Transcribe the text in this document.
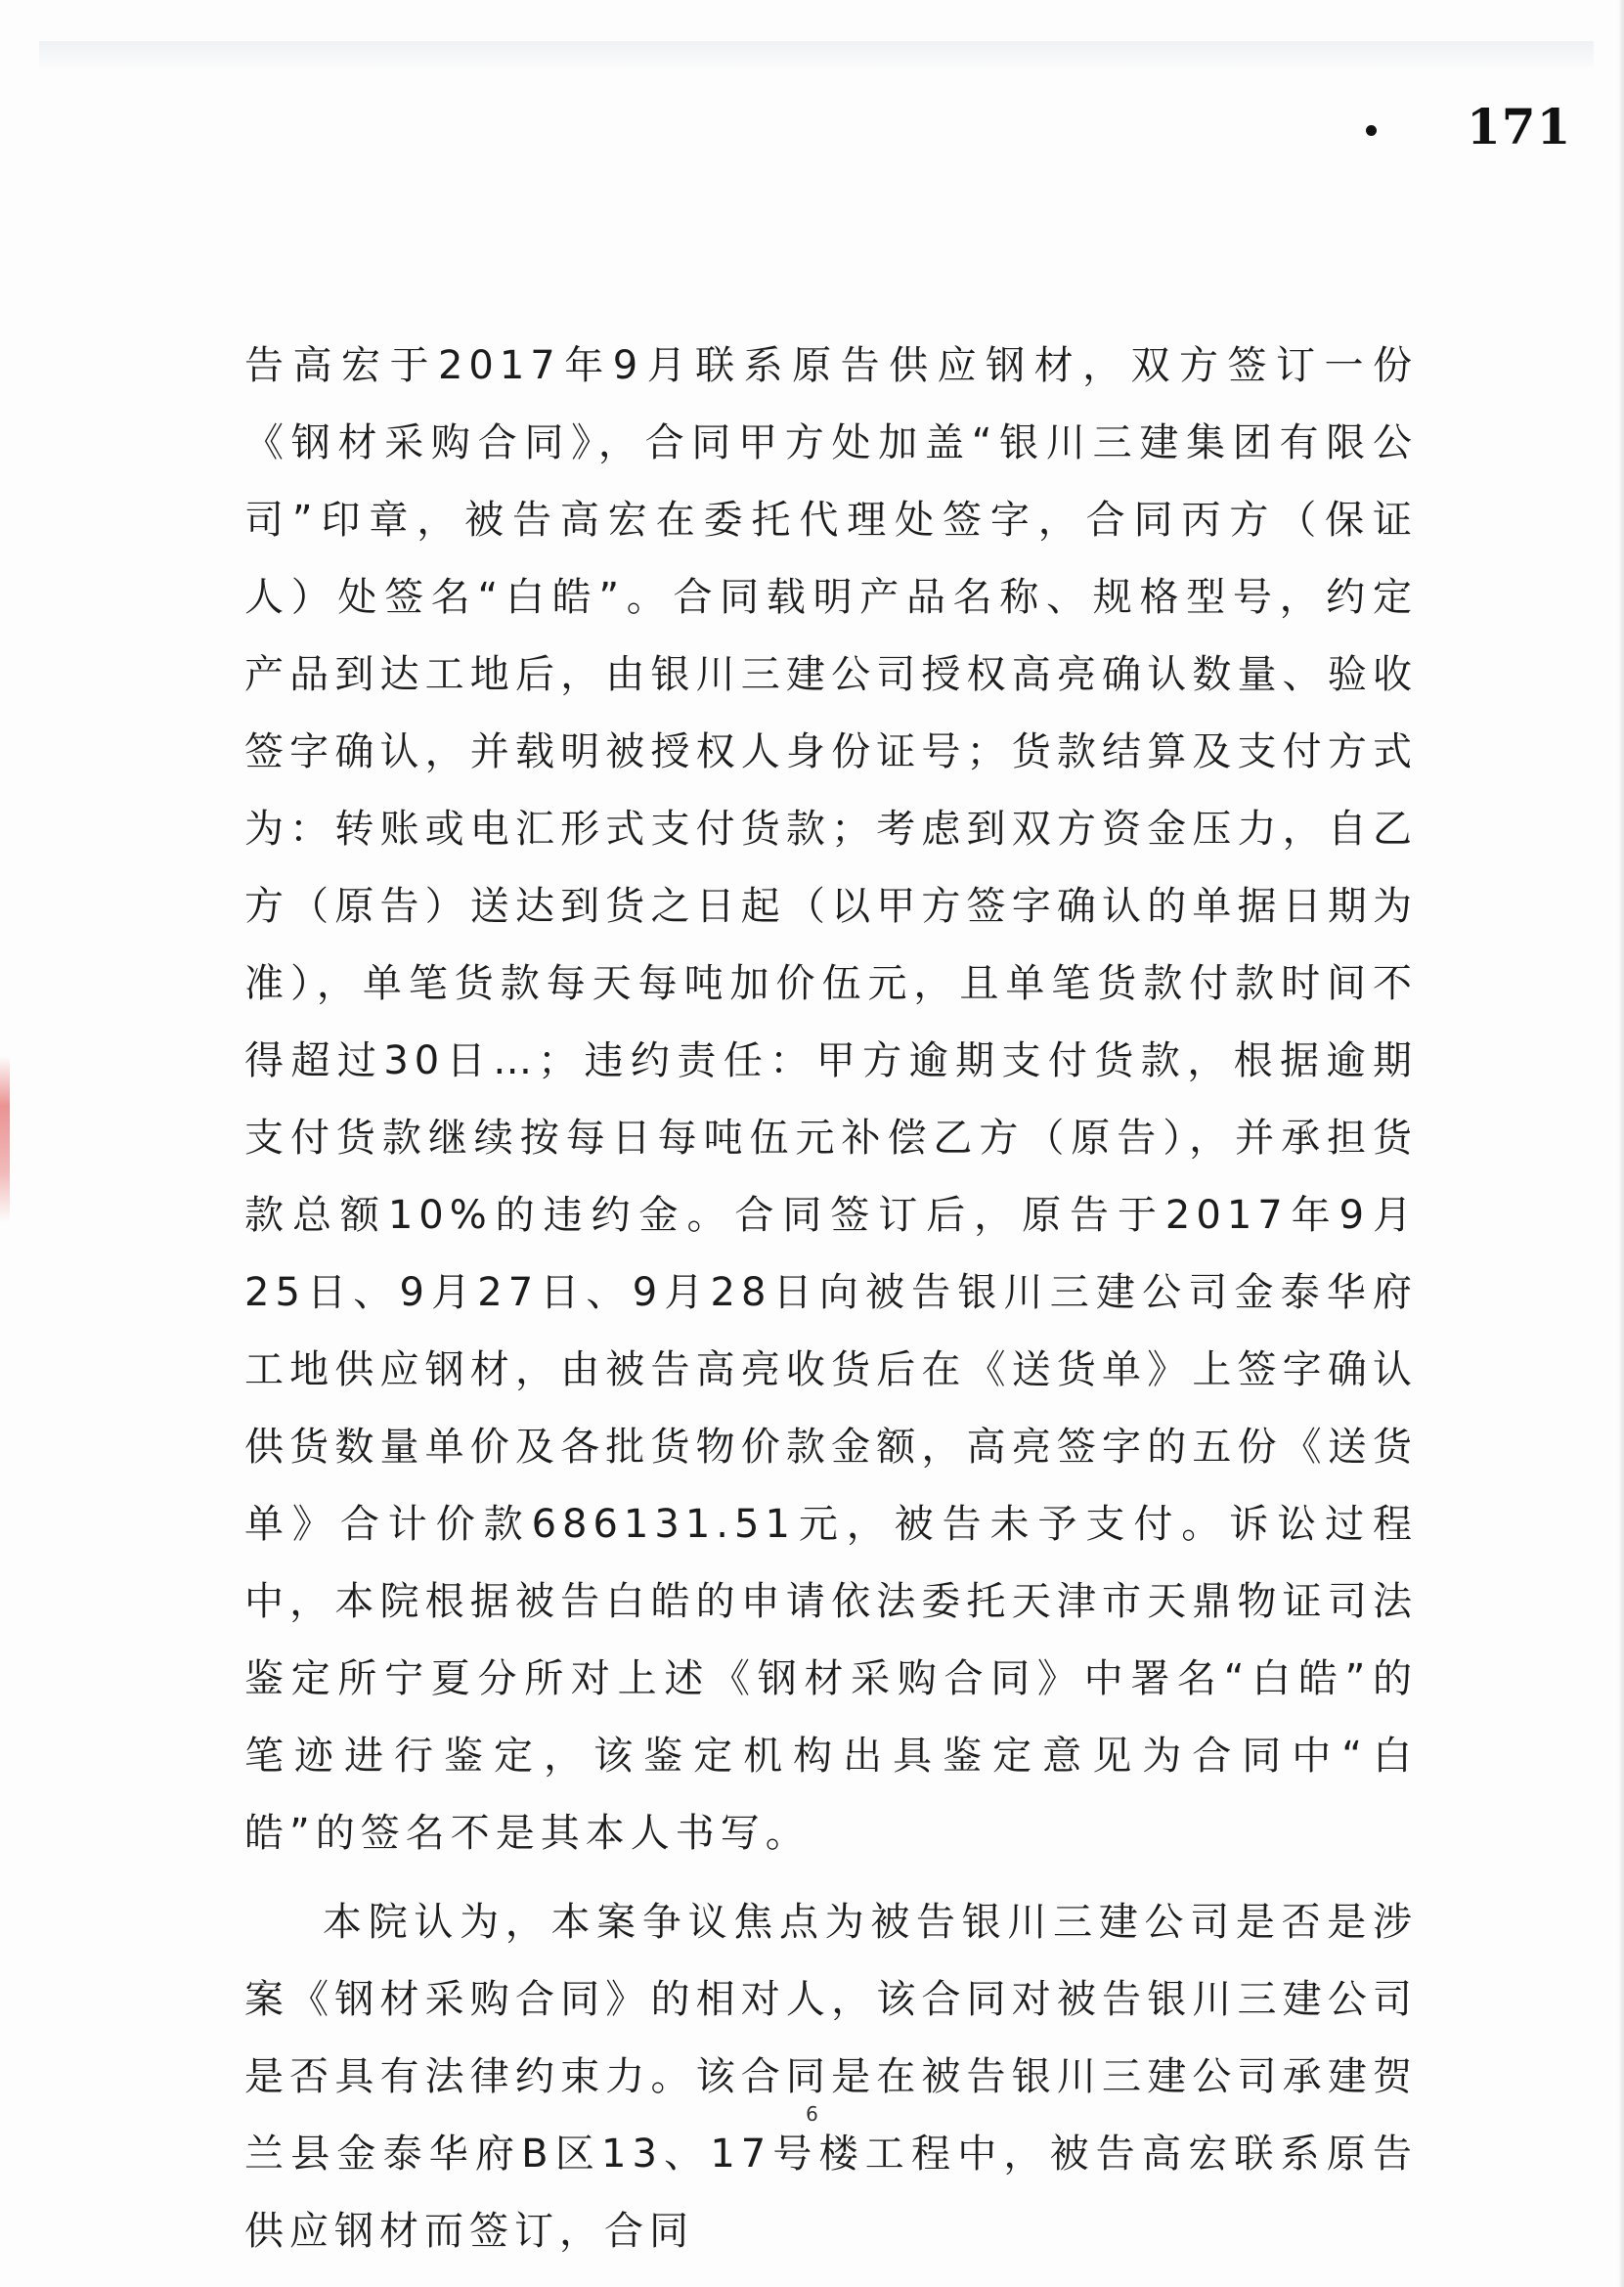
171

告高宏于2017年9月联系原告供应钢材，双方签订一份《钢材采购合同》，合同甲方处加盖“银川三建集团有限公司”印章，被告高宏在委托代理处签字，合同丙方（保证人）处签名“白皓”。合同载明产品名称、规格型号，约定产品到达工地后，由银川三建公司授权高亮确认数量、验收签字确认，并载明被授权人身份证号；货款结算及支付方式为：转账或电汇形式支付货款；考虑到双方资金压力，自乙方（原告）送达到货之日起（以甲方签字确认的单据日期为准），单笔货款每天每吨加价伍元，且单笔货款付款时间不得超过30日…；违约责任：甲方逾期支付货款，根据逾期支付货款继续按每日每吨伍元补偿乙方（原告），并承担货款总额10%的违约金。合同签订后，原告于2017年9月25日、9月27日、9月28日向被告银川三建公司金泰华府工地供应钢材，由被告高亮收货后在《送货单》上签字确认供货数量单价及各批货物价款金额，高亮签字的五份《送货单》合计价款686131.51元，被告未予支付。诉讼过程中，本院根据被告白皓的申请依法委托天津市天鼎物证司法鉴定所宁夏分所对上述《钢材采购合同》中署名“白皓”的笔迹进行鉴定，该鉴定机构出具鉴定意见为合同中“白皓”的签名不是其本人书写。

本院认为，本案争议焦点为被告银川三建公司是否是涉案《钢材采购合同》的相对人，该合同对被告银川三建公司是否具有法律约束力。该合同是在被告银川三建公司承建贺兰县金泰华府B区13、17号楼工程中，被告高宏联系原告供应钢材而签订，合同

6
